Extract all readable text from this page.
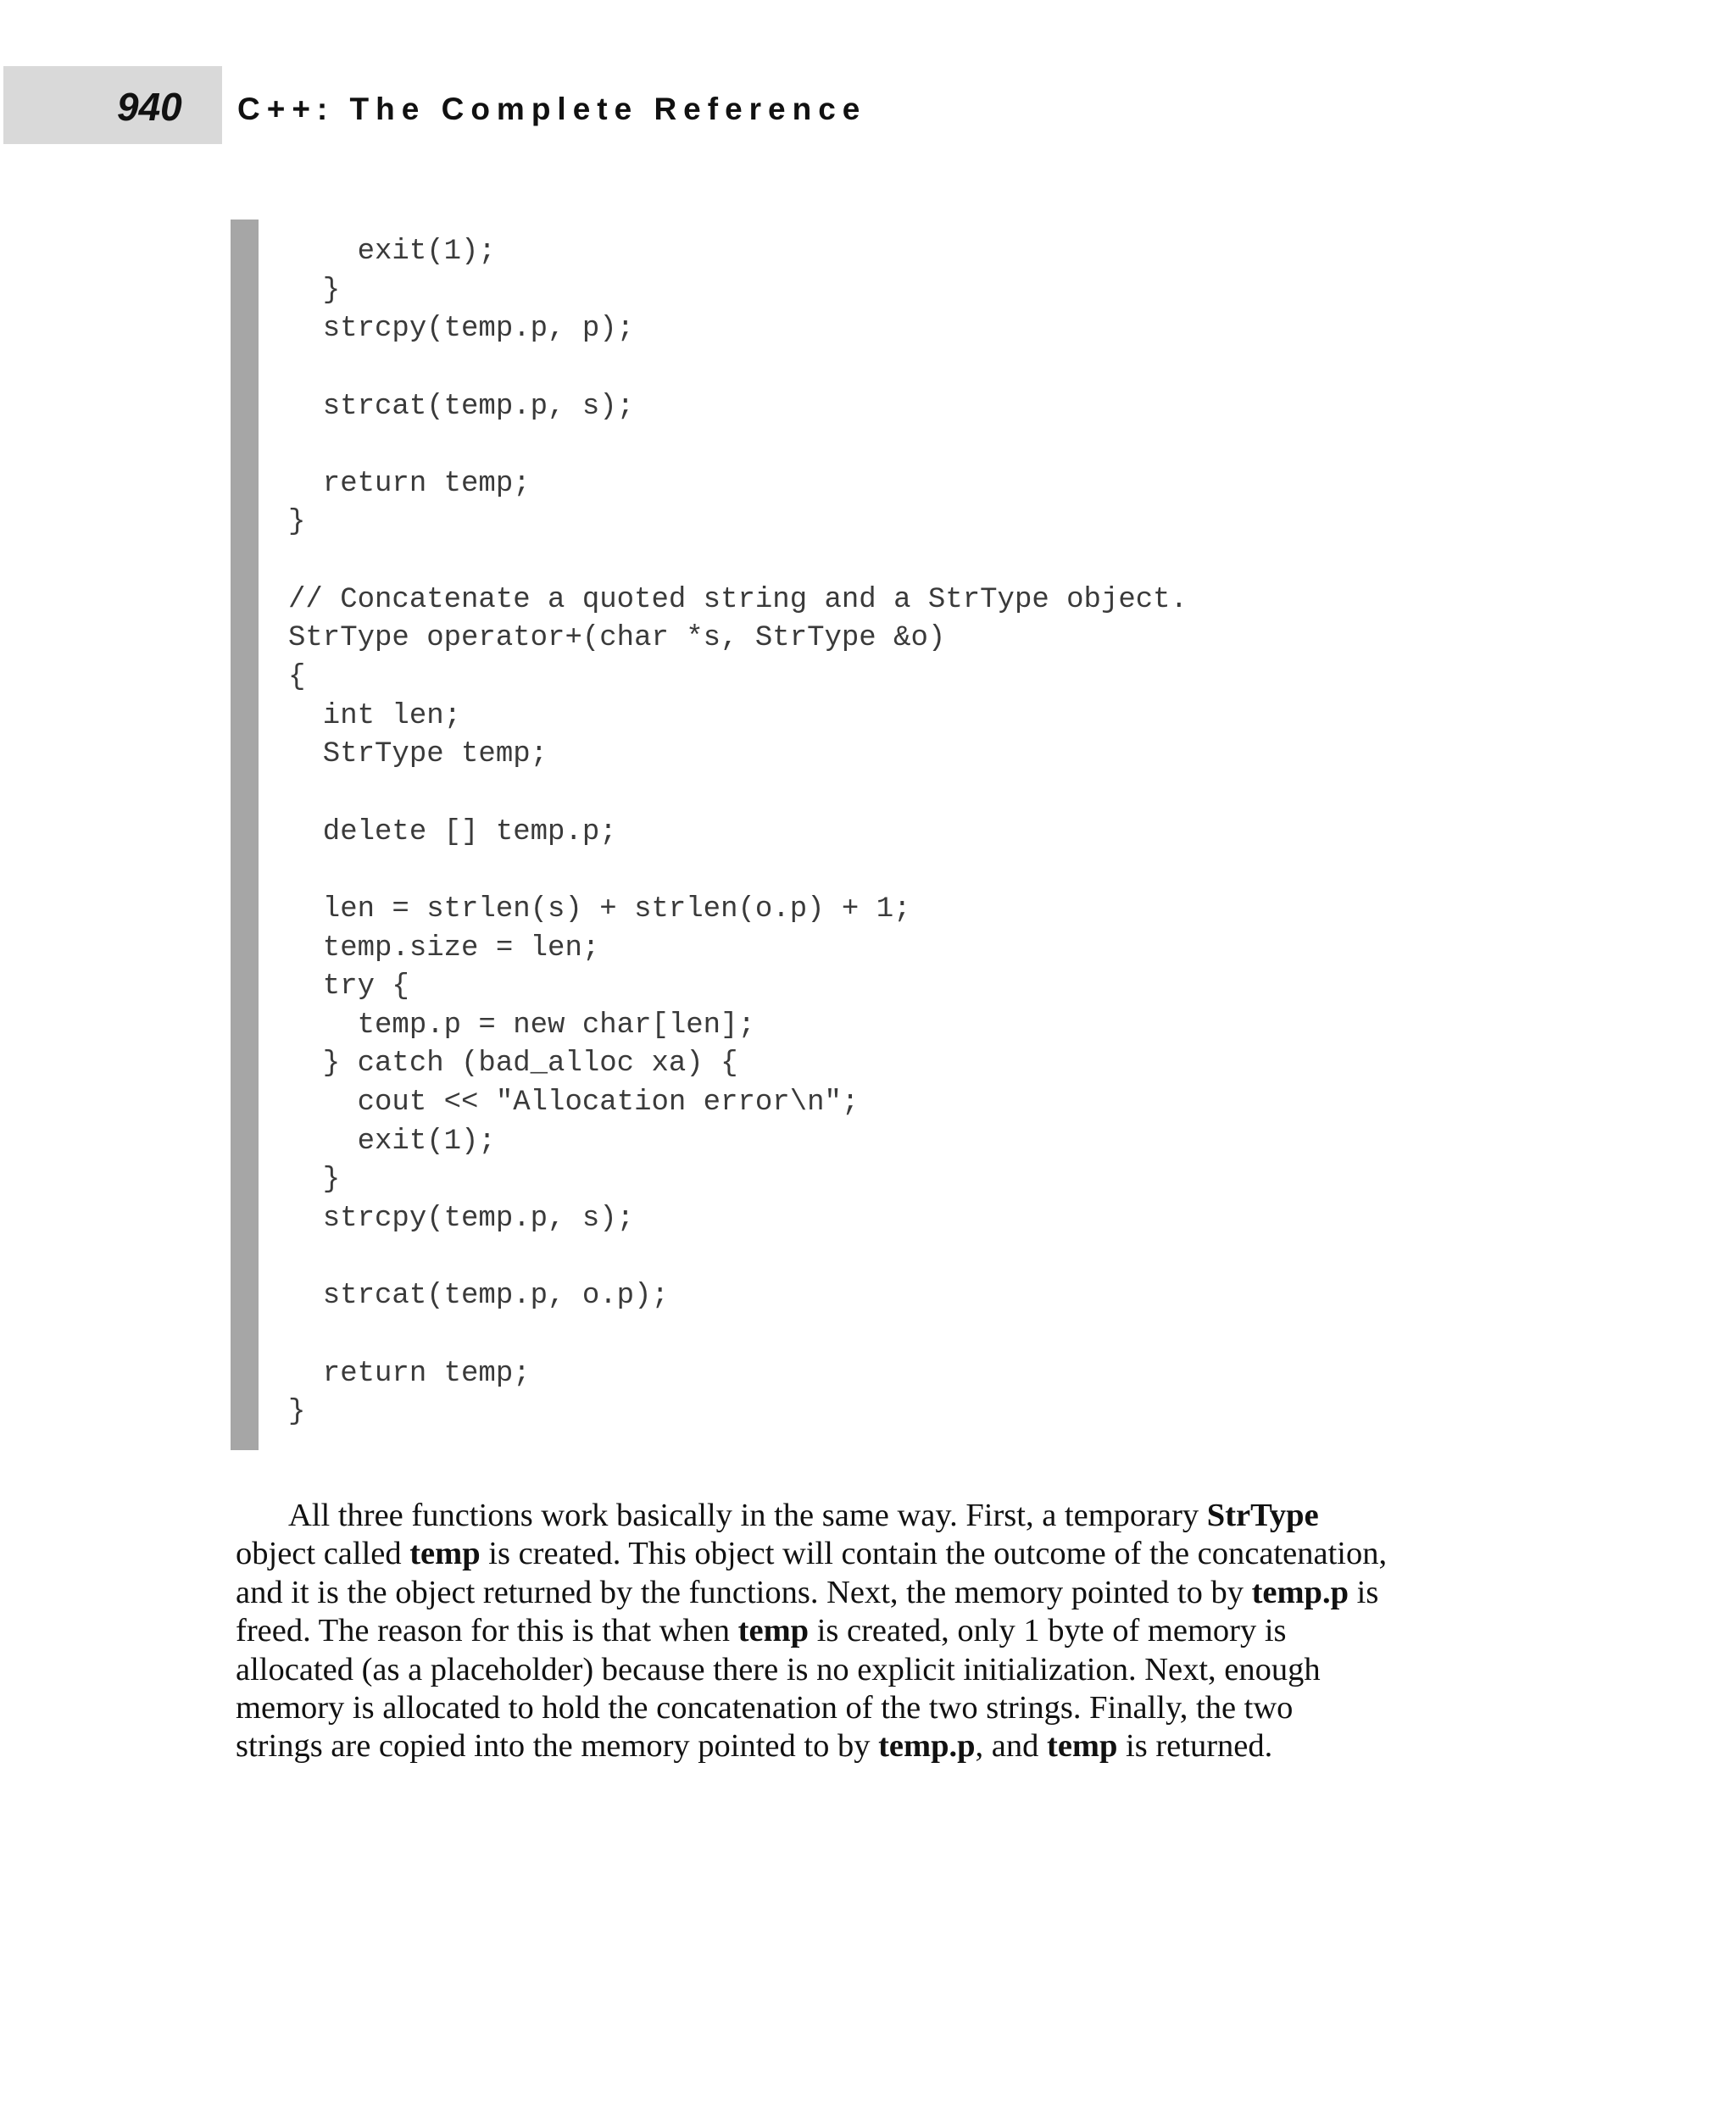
940 C++: The Complete Reference
exit(1);
}
strcpy(temp.p, p);
strcat(temp.p, s);
return temp;
}
// Concatenate a quoted string and a StrType object.
StrType operator+(char *s, StrType &o)
{
int len;
StrType temp;
delete [] temp.p;
len = strlen(s) + strlen(o.p) + 1;
temp.size = len;
try {
temp.p = new char[len];
} catch (bad_alloc xa) {
cout << "Allocation error\n";
exit(1);
}
strcpy(temp.p, s);
strcat(temp.p, o.p);
return temp;
}
All three functions work basically in the same way. First, a temporary StrType
object called temp is created. This object will contain the outcome of the concatenation,
and it is the object returned by the functions. Next, the memory pointed to by temp.p is
freed. The reason for this is that when temp is created, only 1 byte of memory is
allocated (as a placeholder) because there is no explicit initialization. Next, enough
memory is allocated to hold the concatenation of the two strings. Finally, the two
strings are copied into the memory pointed to by temp.p, and temp is returned.
